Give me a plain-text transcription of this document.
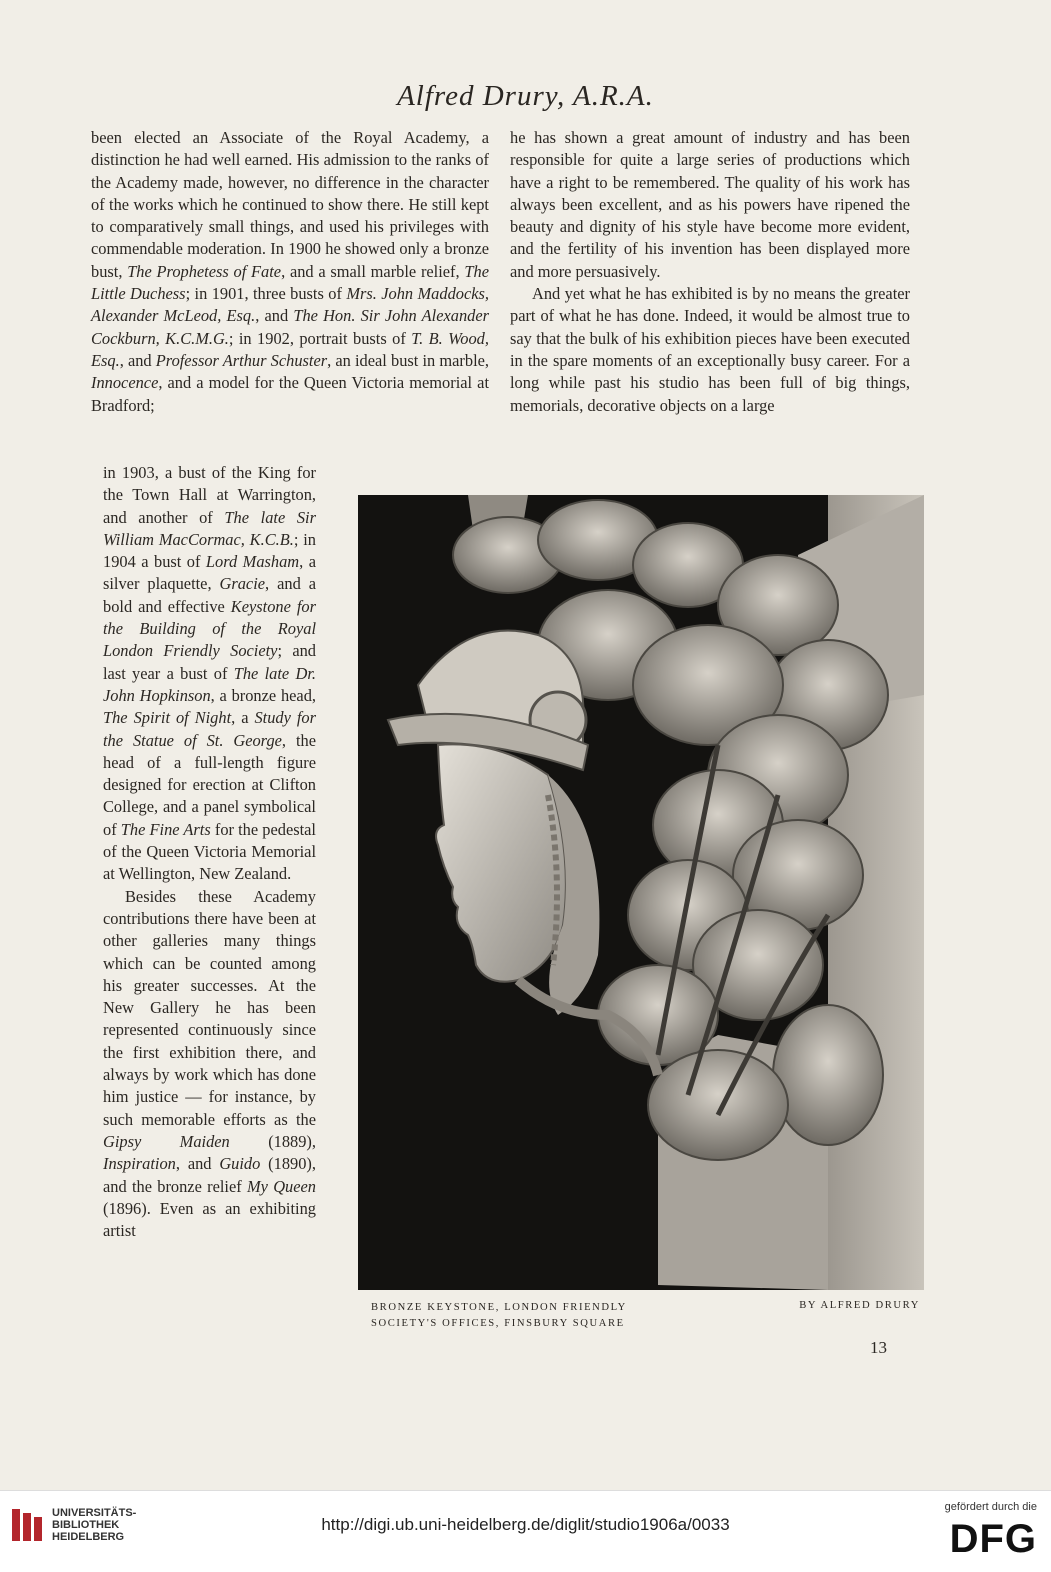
Alfred Drury, A.R.A.

been elected an Associate of the Royal Academy, a distinction he had well earned. His admission to the ranks of the Academy made, however, no difference in the character of the works which he continued to show there. He still kept to comparatively small things, and used his privileges with commendable moderation. In 1900 he showed only a bronze bust, The Prophetess of Fate, and a small marble relief, The Little Duchess; in 1901, three busts of Mrs. John Maddocks, Alexander McLeod, Esq., and The Hon. Sir John Alexander Cockburn, K.C.M.G.; in 1902, portrait busts of T. B. Wood, Esq., and Professor Arthur Schuster, an ideal bust in marble, Innocence, and a model for the Queen Victoria memorial at Bradford;

in 1903, a bust of the King for the Town Hall at Warrington, and another of The late Sir William MacCormac, K.C.B.; in 1904 a bust of Lord Masham, a silver plaquette, Gracie, and a bold and effective Keystone for the Building of the Royal London Friendly Society; and last year a bust of The late Dr. John Hopkinson, a bronze head, The Spirit of Night, a Study for the Statue of St. George, the head of a full-length figure designed for erection at Clifton College, and a panel symbolical of The Fine Arts for the pedestal of the Queen Victoria Memorial at Wellington, New Zealand.

Besides these Academy contributions there have been at other galleries many things which can be counted among his greater successes. At the New Gallery he has been represented continuously since the first exhibition there, and always by work which has done him justice — for instance, by such memorable efforts as the Gipsy Maiden (1889), Inspiration, and Guido (1890), and the bronze relief My Queen (1896). Even as an exhibiting artist

he has shown a great amount of industry and has been responsible for quite a large series of productions which have a right to be remembered. The quality of his work has always been excellent, and as his powers have ripened the beauty and dignity of his style have become more evident, and the fertility of his invention has been displayed more and more persuasively.

And yet what he has exhibited is by no means the greater part of what he has done. Indeed, it would be almost true to say that the bulk of his exhibition pieces have been executed in the spare moments of an exceptionally busy career. For a long while past his studio has been full of big things, memorials, decorative objects on a large

BRONZE KEYSTONE, LONDON FRIENDLY
SOCIETY'S OFFICES, FINSBURY SQUARE
BY ALFRED DRURY
13
UNIVERSITÄTS-
BIBLIOTHEK
HEIDELBERG
http://digi.ub.uni-heidelberg.de/diglit/studio1906a/0033
gefördert durch die
DFG
